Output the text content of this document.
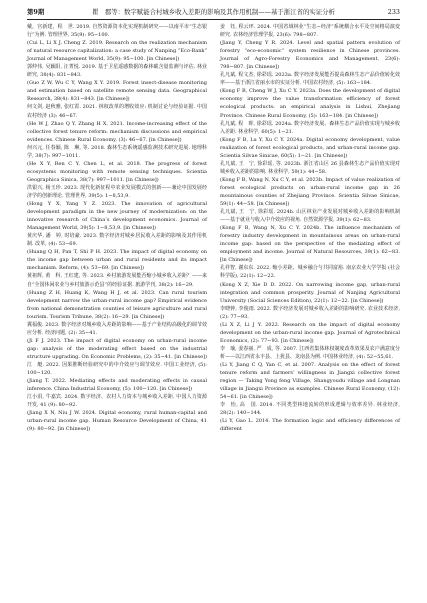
第9期	瞿　郡等：数字赋能合村城乡收入差距的影响及其作用机制——基于浙江省的实证分析	233

戴，宫新建，程　世. 2019. 自然资源资本化实现机制研究——以南平市“生态银行”为例. 管理世界, 35(9): 95−100.

(Cui L, Li X J, Cheng Z. 2019. Research on the realization mechanism of natural resource capitalization: a case study of Nanping “Eco-Bank” Journal of Management World, 35(9): 95−100. [in Chinese])

郭仲伟, 吴颖阳, 汪菁悦. 2019. 基于卫星遥感数据的森林碳含量监测与评估. 林业研究, 38(4): 831−843.

(Guo Z W, Wu C Y, Wang X Y. 2019. Forest insect-disease monitoring and estimation based on satellite remote sensing data. Geographical Research, 38(4): 831−843. [in Chinese])

何文剑, 赵秋雅, 张红霄. 2021. 林权改革的增收效应: 机制讨论与经验证据. 中国农村经济 (3): 46−67.

(He W J, Zhao Q Y, Zhang H X. 2021. Income-increasing effect of the collective forest tenure reform: mechanism discussions and empirical evidences. Chinese Rural Economy, (3): 46−67. [in Chinese])

何兴元, 任春颖, 陈　琳, 等. 2018. 森林生态系统遥感监测技术研究进展. 地理科学, 38(7): 997−1011.

(He X Y, Ren C Y, Chen L, et al. 2018. The progress of forest ecosystems monitoring with remote sensing techniques. Scientia Geographica Sinica, 38(7): 997−1011. [in Chinese])

洪银兴, 杨玉珍. 2023. 现代化新征程中农业发展模式的创新——兼论中国发展经济学的创新理论. 管理世界, 39(5): 1−8,53,9.

(Hong Y X, Yang Y Z. 2023. The innovation of agricultural development paradigm in the new journey of modernization: on the innovative research of China’s development economics. Journal of Management World, 39(5): 1−8,53,9. [in Chinese])

黄庆华, 潘　婷, 时培豪. 2023. 数字经济对城乡居民收入差距的影响及其作用机制. 改革, (4): 53−69.

(Huang Q H, Pan T, Shi P H. 2023. The impact of digital economy on the income gap between urban and rural residents and its impact mechanism. Reform, (4): 53−69. [in Chinese])

黄祖辉, 黄　科, 王红建, 等. 2023. 乡村旅游发展能否缩小城乡收入差距？——来自“全国休闲农业与乡村旅游示范县”的经验证据. 旅游学刊, 38(2): 16−29.

(Huang Z H, Huang K, Wang H J, et al. 2023. Can rural tourism development narrow the urban-rural income gap? Empirical evidence from national demonstration counties of leisure agriculture and rural tourism. Tourism Tribune, 38(2): 16−29. [in Chinese])

冀福俊. 2023. 数字经济对城乡收入差距的影响——基于产业结构高级化的调节效应分析. 经济问题, (2): 35−41.

(Ji F J. 2023. The impact of digital economy on urban-rural income gap: analysis of the moderating effect based on the industrial structure upgrading. On Economic Problems, (2): 35−41. [in Chinese])

江　艇. 2022. 因果推断经验研究中的中介效应与调节效应. 中国工业经济, (5): 100−120.

(Jiang T. 2022. Mediating effects and moderating effects in causal inference. China Industrial Economy, (5): 100−120. [in Chinese])

江小涓, 牛嘉宾. 2024. 数字经济、农村人力资本与城乡收入差距. 中国人力资源开发, 41 (9): 80−92.

(Jiang X N, Niu J W. 2024. Digital economy, rural human-capital and urban-rural income gap. Human Resource Development of China, 41 (9): 80−92. [in Chinese])

姜　钰, 程云坪. 2024. 中国省域林业“生态−经济”系统耦合水平及空间格局演变研究. 农林经济管理学报, 23(6): 798−807.

(Jiang Y, Cheng Y R. 2024. Level and spatial pattern evolution of forestry “eco-economic” system resilience in Chinese provinces. Journal of Agro-Forestry Economics and Management, 23(6): 798−807. [in Chinese])

孔凡斌, 程文杰, 徐彩瑶. 2023a. 数字经济发展能否提高森林生态产品价值转化效率——基于浙江省丽水市的实证分析. 中国农村经济, (5): 163−184.

(Kong F B, Cheng W J, Xu C Y. 2023a. Does the development of digital economy improve the value transformation efficiency of forest ecological products: an empirical analysis in Lishui, Zhejiang Province. Chinese Rural Economy, (5): 163−184. [in Chinese])

孔凡斌, 程　晖, 徐彩瑶. 2024a. 数字经济发展、森林生态产品价值实现与城乡收入差距. 林业科学, 60(5): 1−21.

(Kong F B, Lu Y, Xu C Y. 2024a. Digital economy development, value realization of forest ecological products, and urban-rural income gap. Scientia Silvae Sinicae, 60(5): 1−21. [in Chinese])

孔凡斌, 王　宁, 徐彩瑶, 等. 2023b. 浙江省山区 26 县森林生态产品价值实现对城乡收入差距的影响. 林业科学, 59(1): 44−58.

(Kong F B, Wang N, Xu C Y, et al. 2023b. Impact of value realization of forest ecological products on urban-rural income gap in 26 mountainous counties of Zhejiang Province. Scientia Silvae Sinicae, 59(1): 44−58. [in Chinese])

孔凡斌, 王　宁, 徐彩瑶. 2024b. 山区林业产业发展对城乡收入差距的影响机制——基于就业与收入中介效应的视角. 自然资源学报, 39(1): 62−83.

(Kong F B, Wang N, Xu C Y. 2024b. The influence mechanism of forestry industry development in mountainous areas on urban-rural income gap: based on the perspective of the mediating effect of employment and income. Journal of Natural Resources, 39(1): 62−83. [in Chinese])

孔祥智, 谢东东. 2022. 缩小差距、城乡融合与共同富裕. 南京农业大学学报 (社会科学版), 22(1): 12−22.

(Kong X Z, Xie D D. 2022. On narrowing income gap, urban-rural integration and common prosperity. Journal of Nanjing Agricultural University (Social Sciences Edition), 22(1): 12−22. [in Chinese])

李晓钟, 李俊雨. 2022. 数字经济发展对城乡收入差距的影响研究. 农业技术经济, (2): 77−93.

(Li X Z, Li J Y. 2022. Research on the impact of digital economy development on the urban-rural income gap. Journal of Agrotechnical Economics, (2): 77−93. [in Chinese])

李　瑜, 姜春丽, 严　成, 等. 2007. 江西省集体林权制度改革效果及农户满意度分析——以江西省永丰县、上犹县、龙南县为例. 中国林业经济, (4): 52−55,61.

(Li Y, Jiang C Q, Yan C, et al. 2007. Analysis on the effect of forest tenure reform and farmers’ willingness in Jiangxi collective forest region — Taking Yong feng Village, Shangyoudu village and Longnan village in Jiangxi Province as examples. Chinese Rural Economy, (12): 54−61. [in Chinese])

李　怡, 高　国. 2014. 不同类型林地流转的形成逻辑与效率差异. 林业经济, 28(2): 140−144.

(Li Y, Gao L. 2014. The formation logic and efficiency differences of different
